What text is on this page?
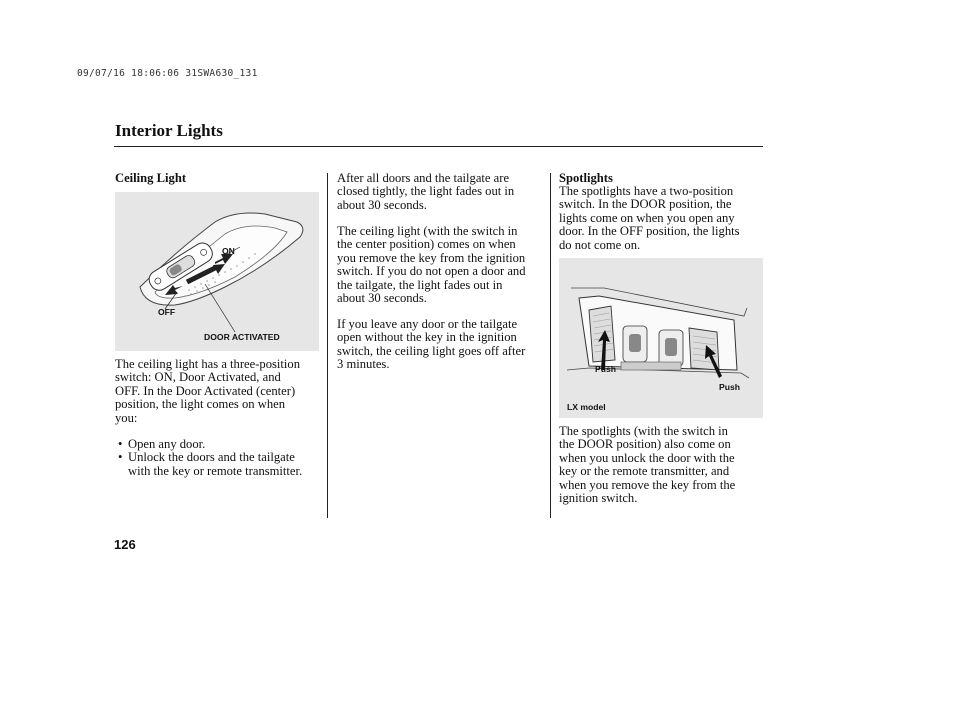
09/07/16 18:06:06 31SWA630_131
Interior Lights
Ceiling Light
ON
OFF
DOOR ACTIVATED
The ceiling light has a three-position
switch: ON, Door Activated, and
OFF. In the Door Activated (center)
position, the light comes on when
you:
• Open any door.
• Unlock the doors and the tailgate
with the key or remote transmitter.
After all doors and the tailgate are
closed tightly, the light fades out in
about 30 seconds.
The ceiling light (with the switch in
the center position) comes on when
you remove the key from the ignition
switch. If you do not open a door and
the tailgate, the light fades out in
about 30 seconds.
If you leave any door or the tailgate
open without the key in the ignition
switch, the ceiling light goes off after
3 minutes.
Spotlights
The spotlights have a two-position
switch. In the DOOR position, the
lights come on when you open any
door. In the OFF position, the lights
do not come on.
Push
Push
LX model
The spotlights (with the switch in
the DOOR position) also come on
when you unlock the door with the
key or the remote transmitter, and
when you remove the key from the
ignition switch.
126
